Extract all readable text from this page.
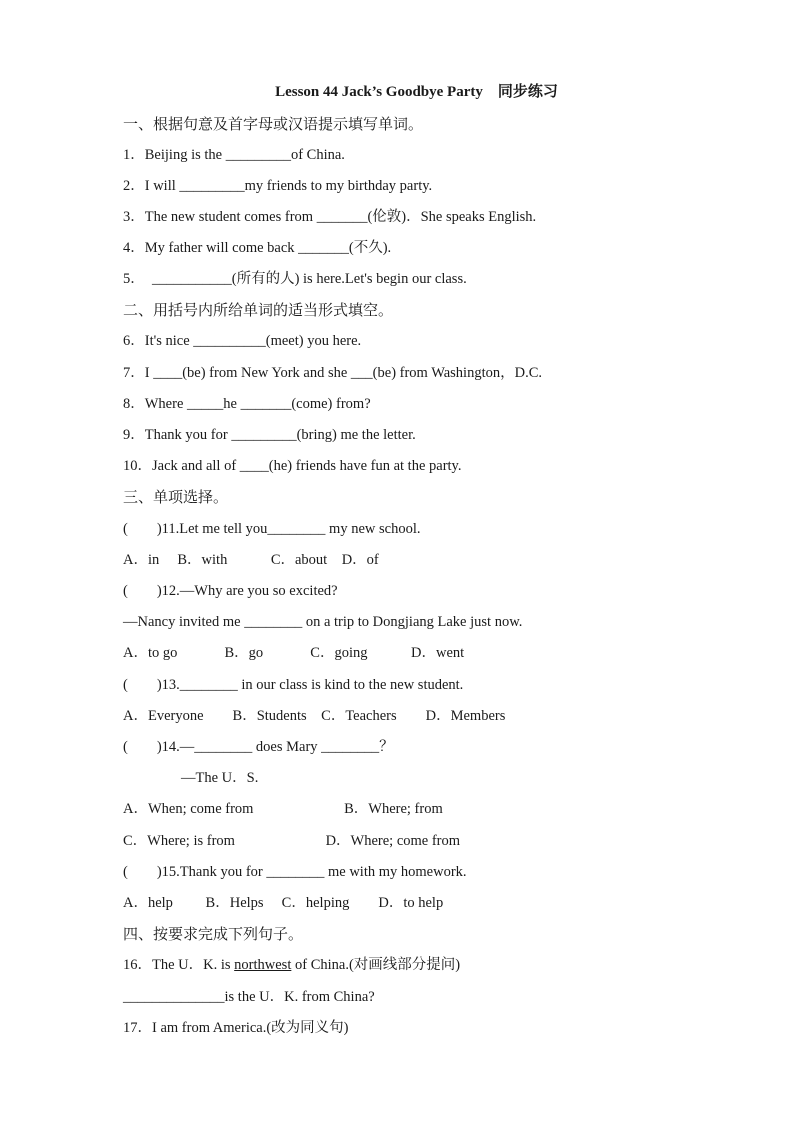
Lesson 44 Jack’s Goodbye Party　同步练习
一、根据句意及首字母或汉语提示填写单词。
1．Beijing is the _________of China.
2．I will _________my friends to my birthday party.
3．The new student comes from _______(伦敦)．She speaks English.
4．My father will come back _______(不久).
5．  ___________(所有的人) is here.Let's begin our class.
二、用括号内所给单词的适当形式填空。
6．It's nice __________(meet) you here.
7．I ____(be) from New York and she ___(be) from Washington，D.C.
8．Where _____he _______(come) from?
9．Thank you for _________(bring) me the letter.
10．Jack and all of ____(he) friends have fun at the party.
三、单项选择。
(　　)11.Let me tell you________ my new school.
A．in　 B．with　　　C．about　D．of
(　　)12.—Why are you so excited?
—Nancy invited me ________ on a trip to Dongjiang Lake just now.
A．to go　　　 B．go　　　 C．going　　　D．went
(　　)13.________ in our class is kind to the new student.
A．Everyone　　B．Students　C．Teachers　　D．Members
(　　)14.—________ does Mary ________？
　　　　—The U．S.
A．When; come from　　　　　　 B．Where; from
C．Where; is from　　　　　　 D．Where; come from
(　　)15.Thank you for ________ me with my homework.
A．help　　 B．Helps　 C．helping　　D．to help
四、按要求完成下列句子。
16．The U．K. is northwest of China.(对画线部分提问)
______________is the U．K. from China?
17．I am from America.(改为同义句)
